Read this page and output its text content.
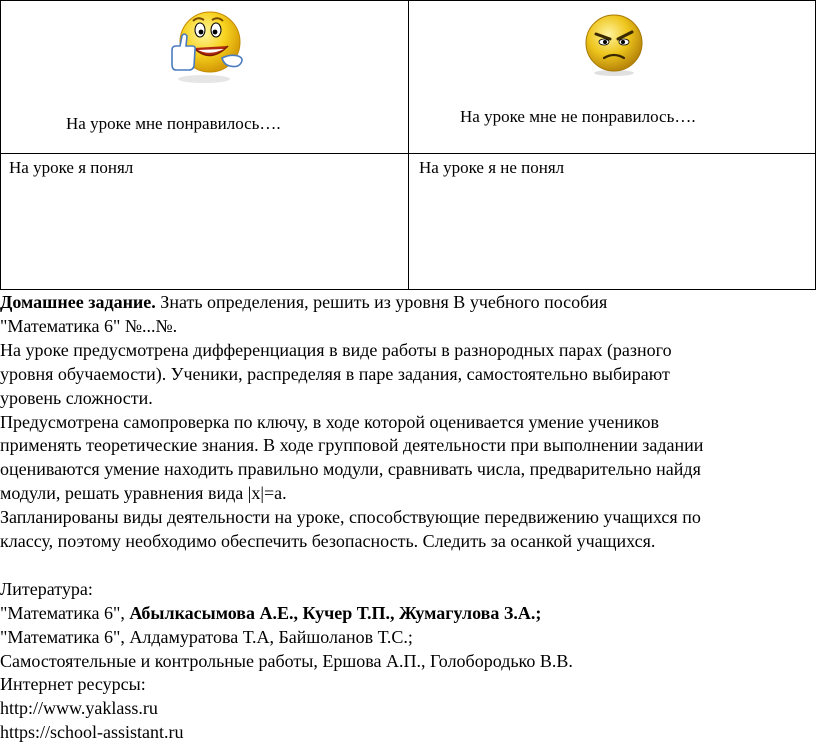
На уроке мне понравилось….	На уроке мне не понравилось….
На уроке я понял	На уроке я не понял

Домашнее задание. Знать определения, решить из уровня В учебного пособия

"Математика 6" №...№.

На уроке предусмотрена дифференциация в виде работы в разнородных парах (разного

уровня обучаемости). Ученики, распределяя в паре задания, самостоятельно выбирают

уровень сложности.

Предусмотрена самопроверка по ключу, в ходе которой оценивается умение учеников

применять теоретические знания. В ходе групповой деятельности при выполнении задании

оцениваются умение находить правильно модули, сравнивать числа, предварительно найдя

модули, решать уравнения вида |x|=a.

Запланированы виды деятельности на уроке, способствующие передвижению учащихся по

классу, поэтому необходимо обеспечить безопасность. Следить за осанкой учащихся.

Литература:

"Математика 6", Абылкасымова А.Е., Кучер Т.П., Жумагулова З.А.;

"Математика 6", Алдамуратова Т.А, Байшоланов Т.С.;

Самостоятельные и контрольные работы, Ершова А.П., Голобородько В.В.

Интернет ресурсы:

http://www.yaklass.ru

https://school-assistant.ru
